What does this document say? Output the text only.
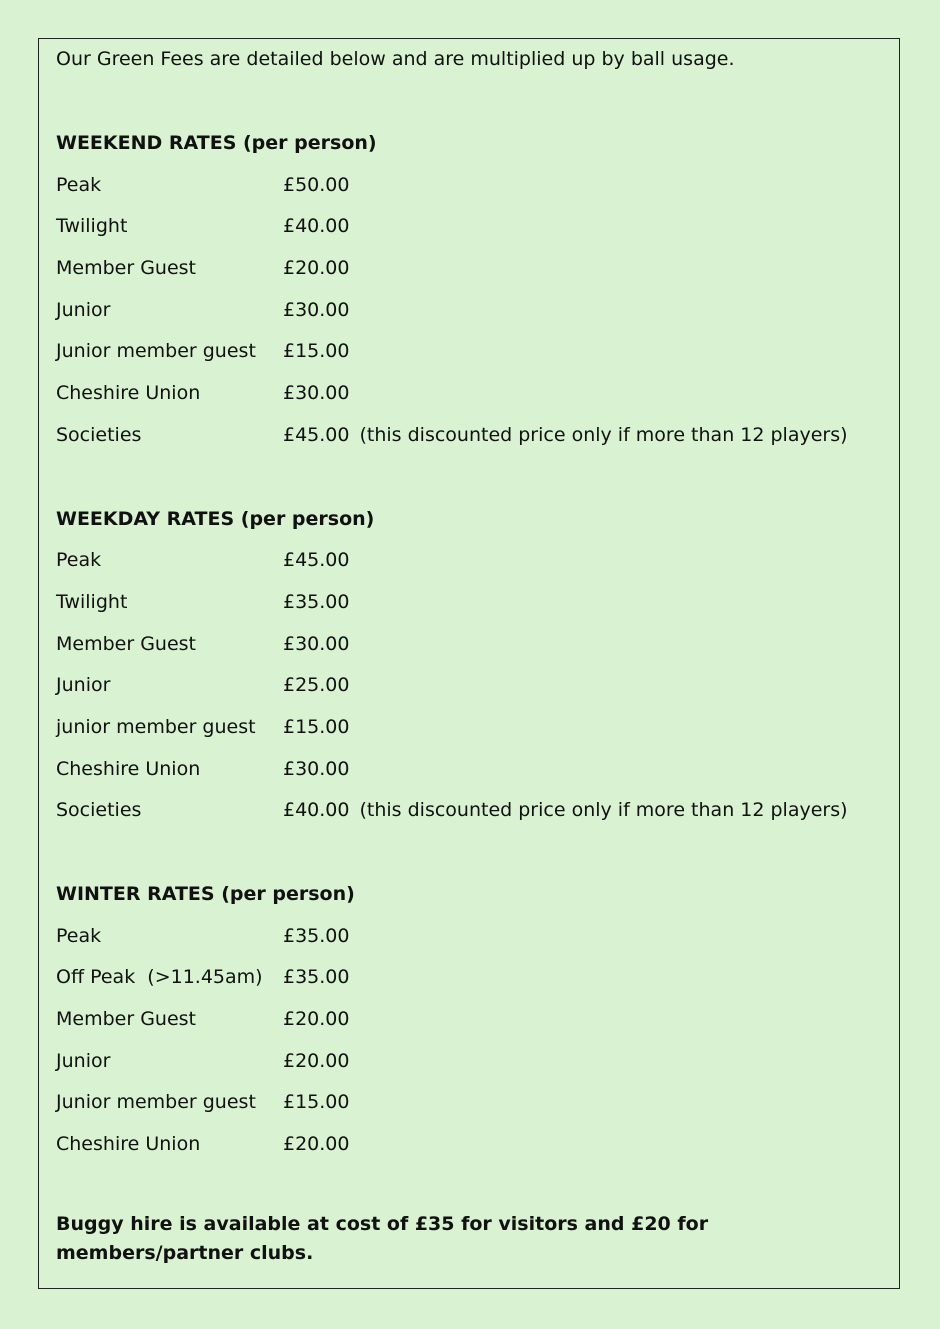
Our Green Fees are detailed below and are multiplied up by ball usage.

WEEKEND RATES (per person)

Peak	£50.00
Twilight	£40.00
Member Guest	£20.00
Junior	£30.00
Junior member guest	£15.00
Cheshire Union	£30.00
Societies	£45.00 (this discounted price only if more than 12 players)

WEEKDAY RATES (per person)

Peak	£45.00
Twilight	£35.00
Member Guest	£30.00
Junior	£25.00
junior member guest	£15.00
Cheshire Union	£30.00
Societies	£40.00 (this discounted price only if more than 12 players)

WINTER RATES (per person)

Peak	£35.00
Off Peak  (>11.45am)	£35.00
Member Guest	£20.00
Junior	£20.00
Junior member guest	£15.00
Cheshire Union	£20.00

Buggy hire is available at cost of £35 for visitors and £20 for members/partner clubs.
